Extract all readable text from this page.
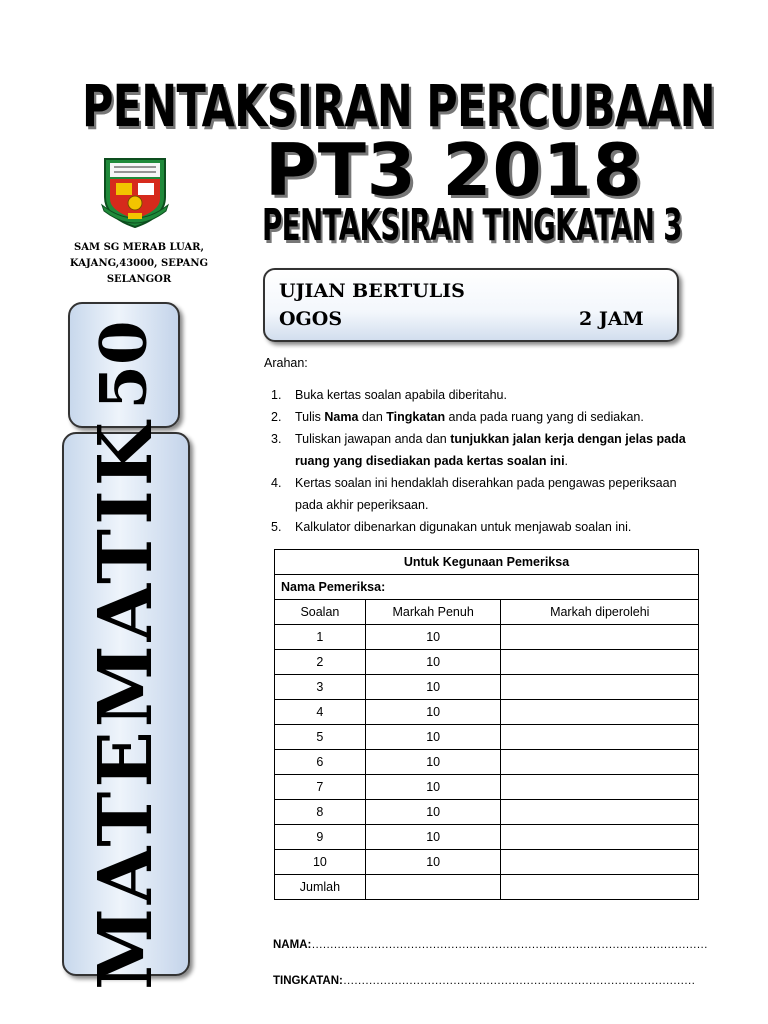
PENTAKSIRAN PERCUBAAN
PT3 2018
PENTAKSIRAN TINGKATAN 3
SAM SG MERAB LUAR,
KAJANG,43000, SEPANG
SELANGOR
50
MATEMATIK
UJIAN BERTULIS
OGOS	2 JAM
Arahan:
1. Buka kertas soalan apabila diberitahu.
2. Tulis Nama dan Tingkatan anda pada ruang yang di sediakan.
3. Tuliskan jawapan anda dan tunjukkan jalan kerja dengan jelas pada ruang yang disediakan pada kertas soalan ini.
4. Kertas soalan ini hendaklah diserahkan pada pengawas peperiksaan pada akhir peperiksaan.
5. Kalkulator dibenarkan digunakan untuk menjawab soalan ini.
Untuk Kegunaan Pemeriksa		
Nama Pemeriksa:		
Soalan	Markah Penuh	Markah diperolehi
1	10	
2	10	
3	10	
4	10	
5	10	
6	10	
7	10	
8	10	
9	10	
10	10	
Jumlah		
NAMA:………………………………………………………………………………………………
TINGKATAN:……………………………………………………………………………………
